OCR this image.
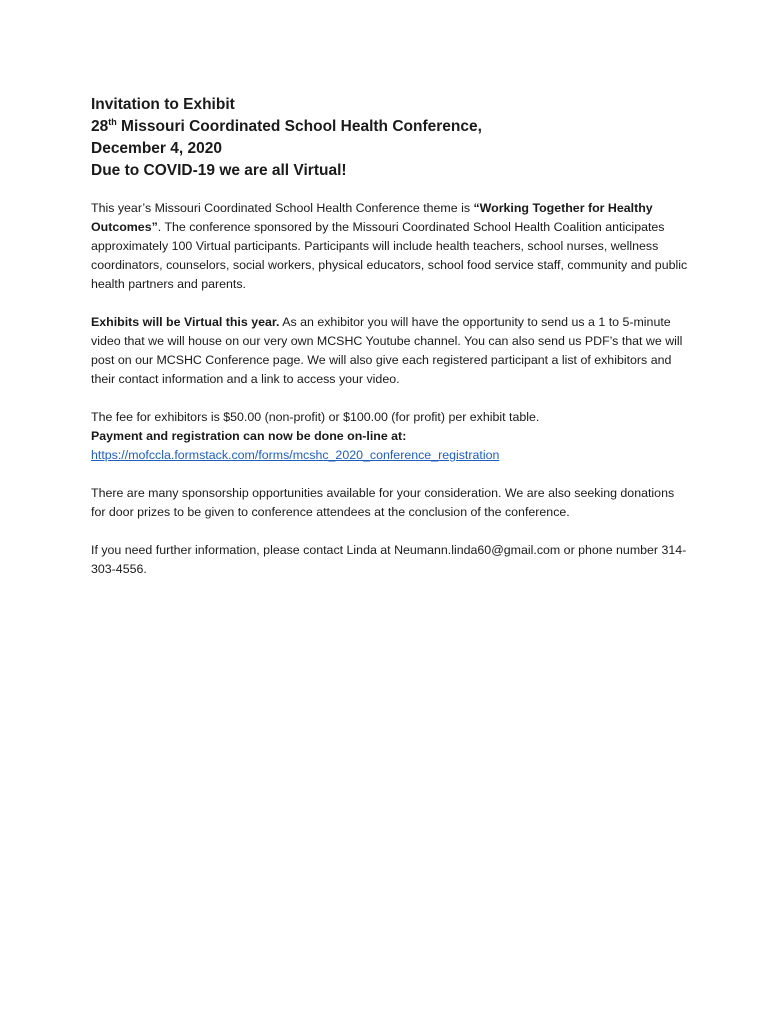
Invitation to Exhibit

28th Missouri Coordinated School Health Conference,

December 4, 2020

Due to COVID-19 we are all Virtual!

This year’s Missouri Coordinated School Health Conference theme is “Working Together for Healthy Outcomes”. The conference sponsored by the Missouri Coordinated School Health Coalition anticipates approximately 100 Virtual participants. Participants will include health teachers, school nurses, wellness coordinators, counselors, social workers, physical educators, school food service staff, community and public health partners and parents.

Exhibits will be Virtual this year. As an exhibitor you will have the opportunity to send us a 1 to 5-minute video that we will house on our very own MCSHC Youtube channel. You can also send us PDF’s that we will post on our MCSHC Conference page. We will also give each registered participant a list of exhibitors and their contact information and a link to access your video.

The fee for exhibitors is $50.00 (non-profit) or $100.00 (for profit) per exhibit table.

Payment and registration can now be done on-line at:

https://mofccla.formstack.com/forms/mcshc_2020_conference_registration

There are many sponsorship opportunities available for your consideration. We are also seeking donations for door prizes to be given to conference attendees at the conclusion of the conference.

If you need further information, please contact Linda at Neumann.linda60@gmail.com or phone number 314-303-4556.
